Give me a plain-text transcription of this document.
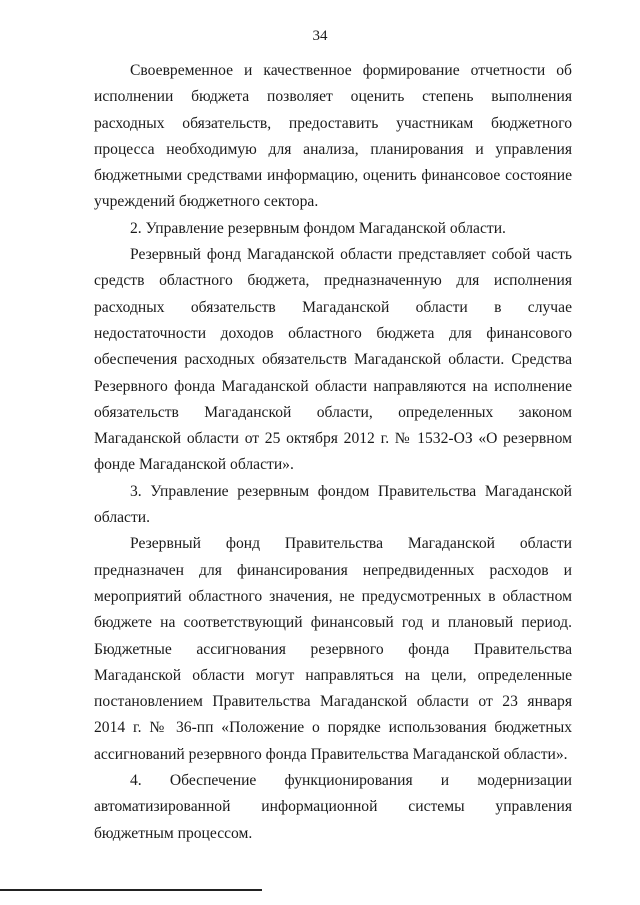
34

Своевременное и качественное формирование отчетности об исполнении бюджета позволяет оценить степень выполнения расходных обязательств, предоставить участникам бюджетного процесса необходимую для анализа, планирования и управления бюджетными средствами информацию, оценить финансовое состояние учреждений бюджетного сектора.

2. Управление резервным фондом Магаданской области.

Резервный фонд Магаданской области представляет собой часть средств областного бюджета, предназначенную для исполнения расходных обязательств Магаданской области в случае недостаточности доходов областного бюджета для финансового обеспечения расходных обязательств Магаданской области. Средства Резервного фонда Магаданской области направляются на исполнение обязательств Магаданской области, определенных законом Магаданской области от 25 октября 2012 г. № 1532-ОЗ «О резервном фонде Магаданской области».

3. Управление резервным фондом Правительства Магаданской области.

Резервный фонд Правительства Магаданской области предназначен для финансирования непредвиденных расходов и мероприятий областного значения, не предусмотренных в областном бюджете на соответствующий финансовый год и плановый период. Бюджетные ассигнования резервного фонда Правительства Магаданской области могут направляться на цели, определенные постановлением Правительства Магаданской области от 23 января 2014 г. № 36-пп «Положение о порядке использования бюджетных ассигнований резервного фонда Правительства Магаданской области».

4. Обеспечение функционирования и модернизации автоматизированной информационной системы управления бюджетным процессом.
